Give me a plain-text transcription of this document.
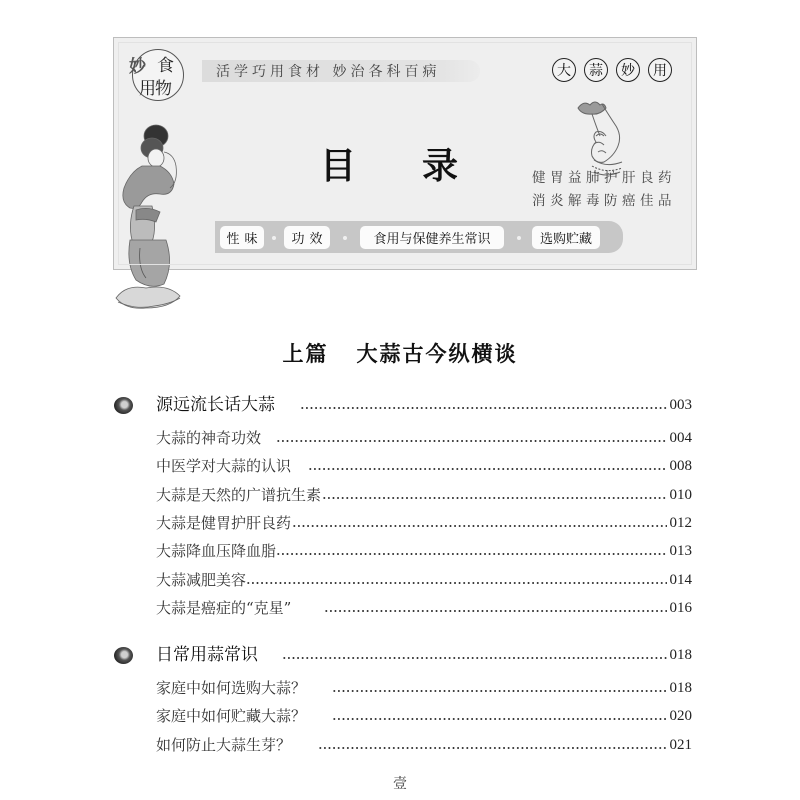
妙 食
用物
活学巧用食材 妙治各科百病	大	蒜	妙	用
目 录	健胃益肺护肝良药
消炎解毒防癌佳品
性味	功效	食用与保健养生常识	选购贮藏
上篇 大蒜古今纵横谈
源远流长话大蒜	003
大蒜的神奇功效	004
中医学对大蒜的认识	008
大蒜是天然的广谱抗生素	010
大蒜是健胃护肝良药	012
大蒜降血压降血脂	013
大蒜减肥美容	014
大蒜是癌症的“克星”	016
日常用蒜常识	018
家庭中如何选购大蒜？	018
家庭中如何贮藏大蒜？	020
如何防止大蒜生芽？	021
壹
